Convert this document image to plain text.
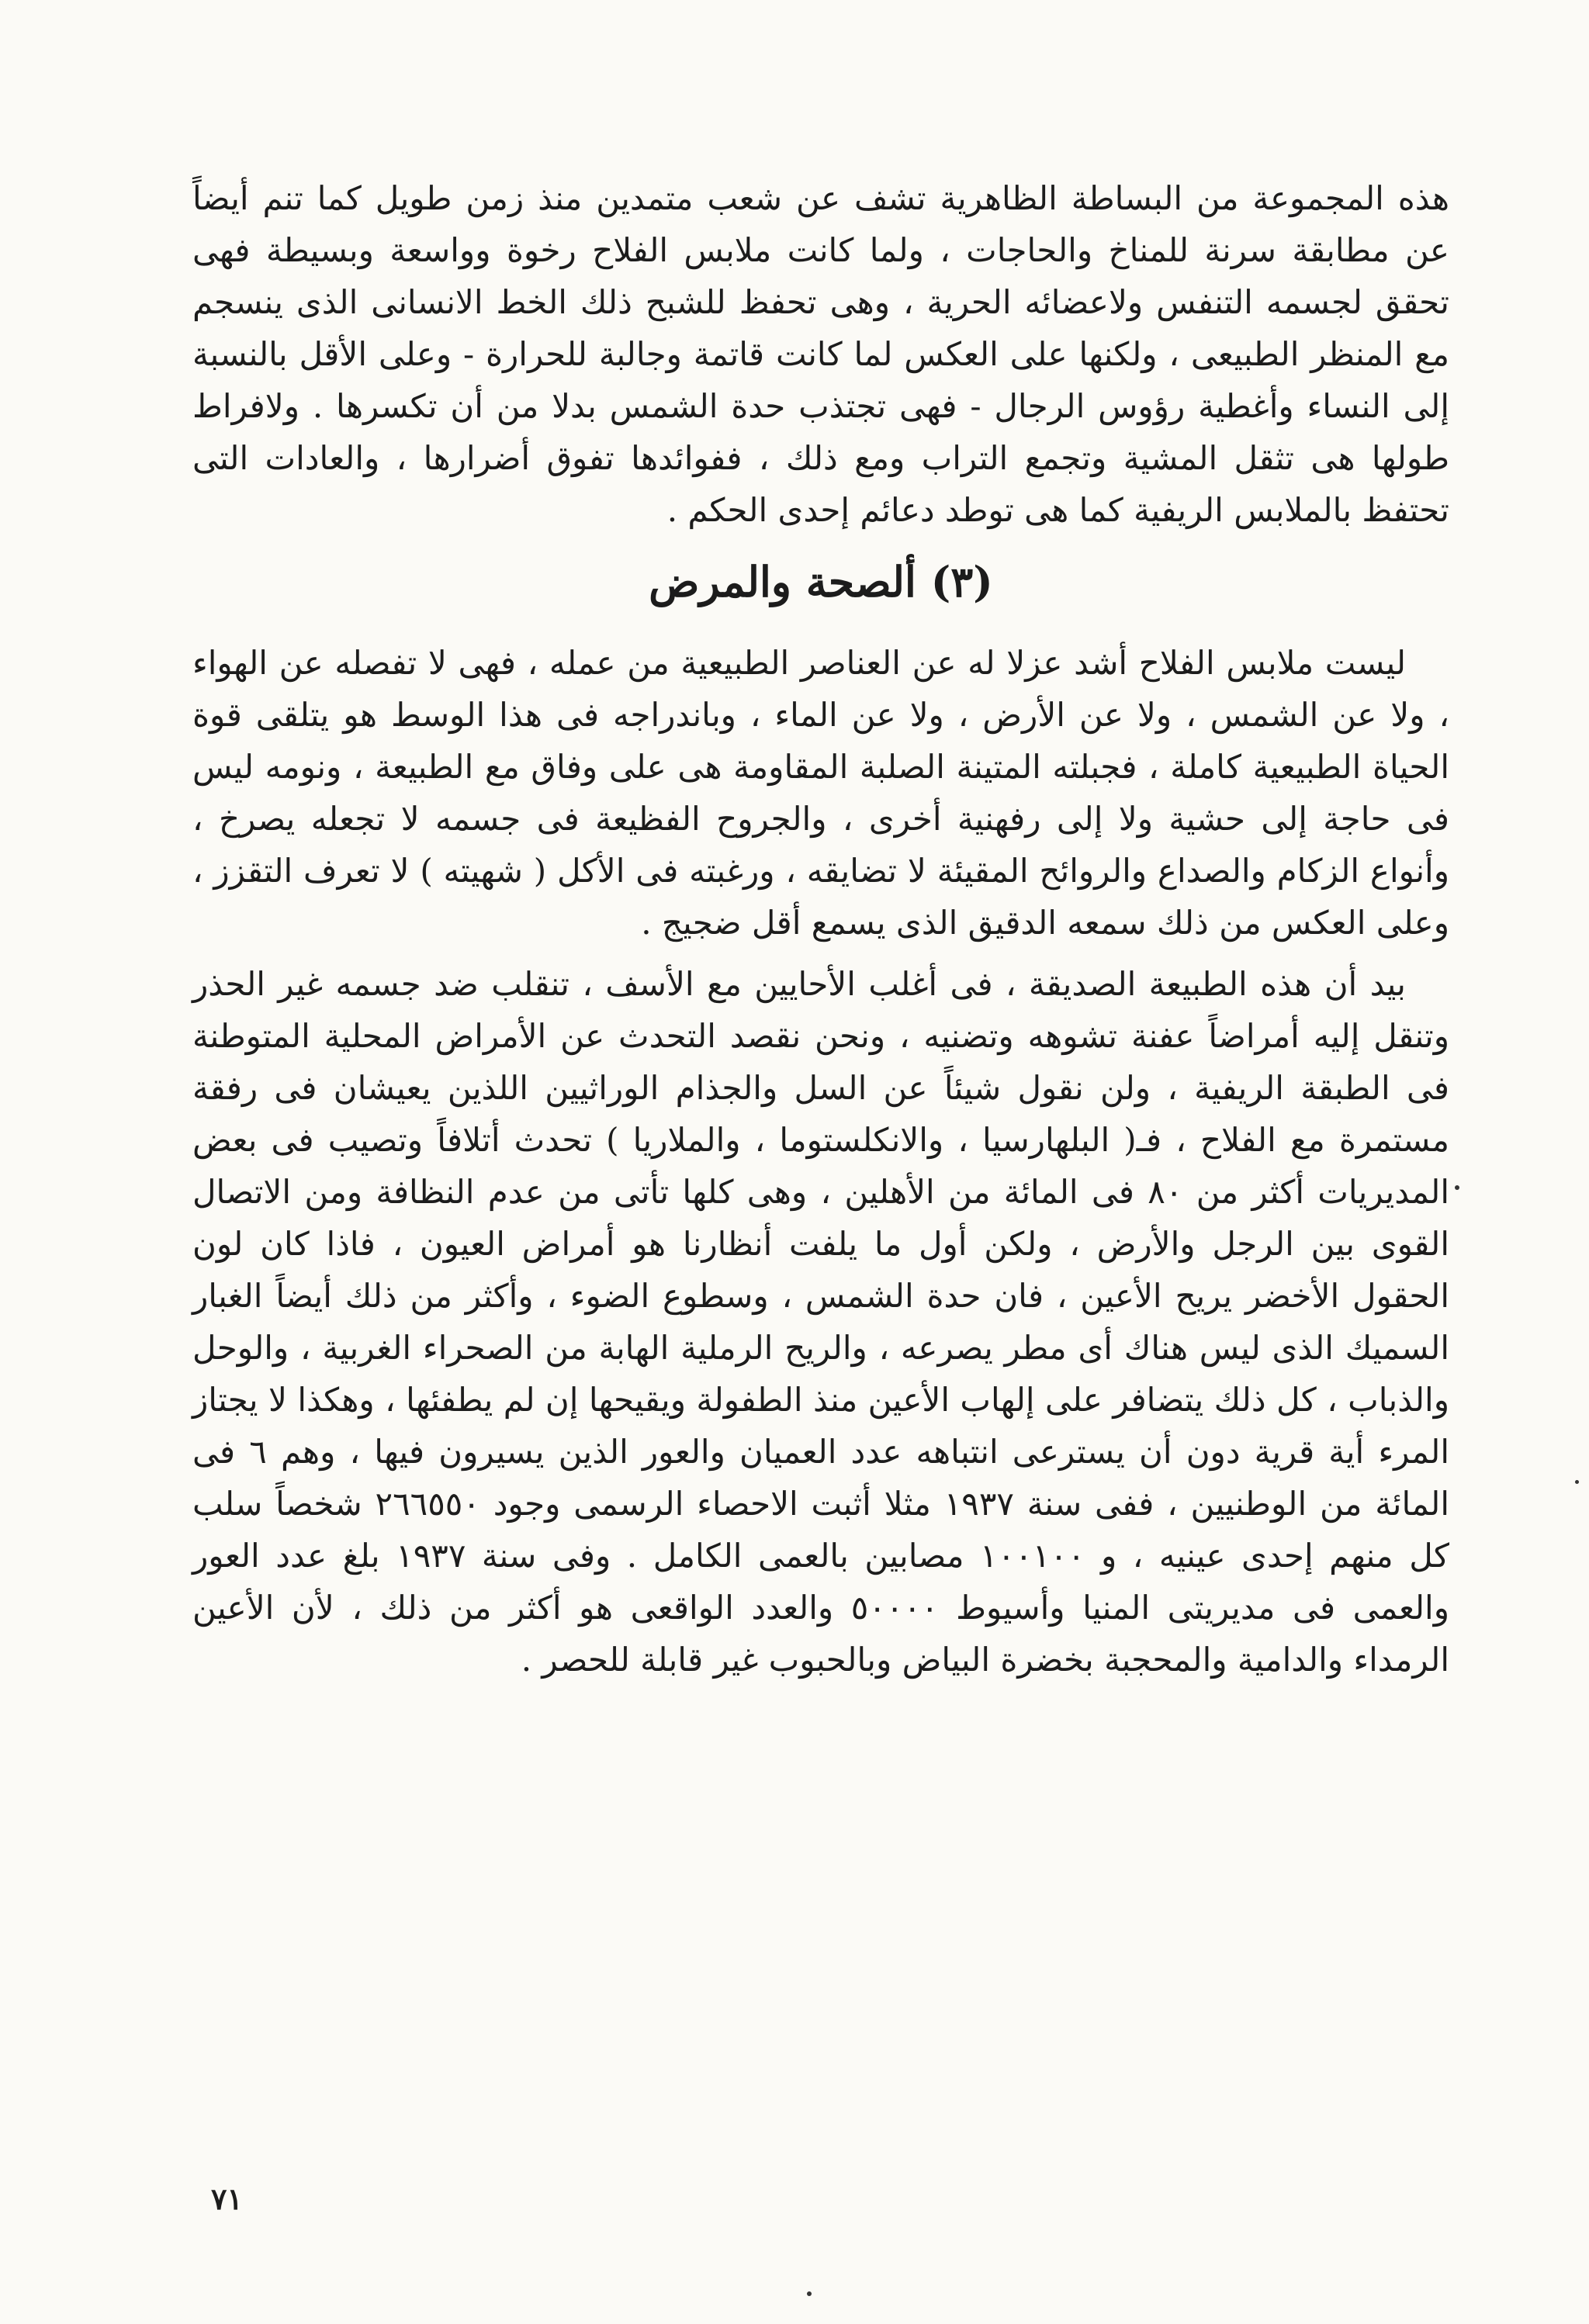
هذه المجموعة من البساطة الظاهرية تشف عن شعب متمدين منذ زمن طويل كما تنم أيضاً عن مطابقة سرنة للمناخ والحاجات ، ولما كانت ملابس الفلاح رخوة وواسعة وبسيطة فهى تحقق لجسمه التنفس ولاعضائه الحرية ، وهى تحفظ للشبح ذلك الخط الانسانى الذى ينسجم مع المنظر الطبيعى ، ولكنها على العكس لما كانت قاتمة وجالبة للحرارة - وعلى الأقل بالنسبة إلى النساء وأغطية رؤوس الرجال - فهى تجتذب حدة الشمس بدلا من أن تكسرها . ولافراط طولها هى تثقل المشية وتجمع التراب ومع ذلك ، ففوائدها تفوق أضرارها ، والعادات التى تحتفظ بالملابس الريفية كما هى توطد دعائم إحدى الحكم .

(٣) ألصحة والمرض

ليست ملابس الفلاح أشد عزلا له عن العناصر الطبيعية من عمله ، فهى لا تفصله عن الهواء ، ولا عن الشمس ، ولا عن الأرض ، ولا عن الماء ، وباندراجه فى هذا الوسط هو يتلقى قوة الحياة الطبيعية كاملة ، فجبلته المتينة الصلبة المقاومة هى على وفاق مع الطبيعة ، ونومه ليس فى حاجة إلى حشية ولا إلى رفهنية أخرى ، والجروح الفظيعة فى جسمه لا تجعله يصرخ ، وأنواع الزكام والصداع والروائح المقيئة لا تضايقه ، ورغبته فى الأكل ( شهيته ) لا تعرف التقزز ، وعلى العكس من ذلك سمعه الدقيق الذى يسمع أقل ضجيج .

بيد أن هذه الطبيعة الصديقة ، فى أغلب الأحايين مع الأسف ، تنقلب ضد جسمه غير الحذر وتنقل إليه أمراضاً عفنة تشوهه وتضنيه ، ونحن نقصد التحدث عن الأمراض المحلية المتوطنة فى الطبقة الريفية ، ولن نقول شيئاً عن السل والجذام الوراثيين اللذين يعيشان فى رفقة مستمرة مع الفلاح ، فـ( البلهارسيا ، والانكلستوما ، والملاريا ) تحدث أتلافاً وتصيب فى بعض المديريات أكثر من ٨٠ فى المائة من الأهلين ، وهى كلها تأتى من عدم النظافة ومن الاتصال القوى بين الرجل والأرض ، ولكن أول ما يلفت أنظارنا هو أمراض العيون ، فاذا كان لون الحقول الأخضر يريح الأعين ، فان حدة الشمس ، وسطوع الضوء ، وأكثر من ذلك أيضاً الغبار السميك الذى ليس هناك أى مطر يصرعه ، والريح الرملية الهابة من الصحراء الغربية ، والوحل والذباب ، كل ذلك يتضافر على إلهاب الأعين منذ الطفولة ويقيحها إن لم يطفئها ، وهكذا لا يجتاز المرء أية قرية دون أن يسترعى انتباهه عدد العميان والعور الذين يسيرون فيها ، وهم ٦ فى المائة من الوطنيين ، ففى سنة ١٩٣٧ مثلا أثبت الاحصاء الرسمى وجود ٢٦٦٥٥٠ شخصاً سلب كل منهم إحدى عينيه ، و ١٠٠١٠٠ مصابين بالعمى الكامل . وفى سنة ١٩٣٧ بلغ عدد العور والعمى فى مديريتى المنيا وأسيوط ٥٠٠٠٠ والعدد الواقعى هو أكثر من ذلك ، لأن الأعين الرمداء والدامية والمحجبة بخضرة البياض وبالحبوب غير قابلة للحصر .

٧١
